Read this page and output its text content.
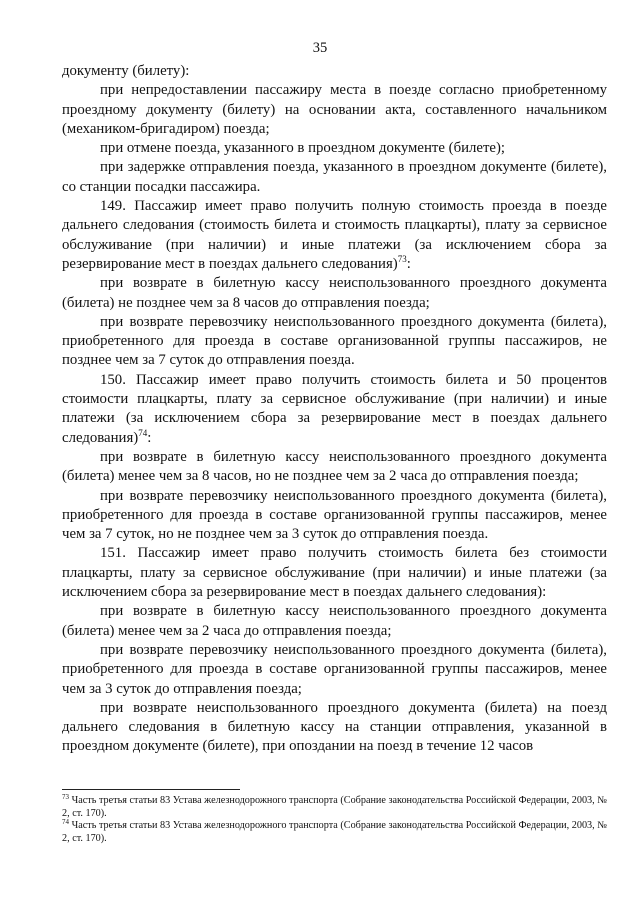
35

документу (билету):

при непредоставлении пассажиру места в поезде согласно приобретенному проездному документу (билету) на основании акта, составленного начальником (механиком-бригадиром) поезда;

при отмене поезда, указанного в проездном документе (билете);

при задержке отправления поезда, указанного в проездном документе (билете), со станции посадки пассажира.

149. Пассажир имеет право получить полную стоимость проезда в поезде дальнего следования (стоимость билета и стоимость плацкарты), плату за сервисное обслуживание (при наличии) и иные платежи (за исключением сбора за резервирование мест в поездах дальнего следования)$^{73}$:

при возврате в билетную кассу неиспользованного проездного документа (билета) не позднее чем за 8 часов до отправления поезда;

при возврате перевозчику неиспользованного проездного документа (билета), приобретенного для проезда в составе организованной группы пассажиров, не позднее чем за 7 суток до отправления поезда.

150. Пассажир имеет право получить стоимость билета и 50 процентов стоимости плацкарты, плату за сервисное обслуживание (при наличии) и иные платежи (за исключением сбора за резервирование мест в поездах дальнего следования)$^{74}$:

при возврате в билетную кассу неиспользованного проездного документа (билета) менее чем за 8 часов, но не позднее чем за 2 часа до отправления поезда;

при возврате перевозчику неиспользованного проездного документа (билета), приобретенного для проезда в составе организованной группы пассажиров, менее чем за 7 суток, но не позднее чем за 3 суток до отправления поезда.

151. Пассажир имеет право получить стоимость билета без стоимости плацкарты, плату за сервисное обслуживание (при наличии) и иные платежи (за исключением сбора за резервирование мест в поездах дальнего следования):

при возврате в билетную кассу неиспользованного проездного документа (билета) менее чем за 2 часа до отправления поезда;

при возврате перевозчику неиспользованного проездного документа (билета), приобретенного для проезда в составе организованной группы пассажиров, менее чем за 3 суток до отправления поезда;

при возврате неиспользованного проездного документа (билета) на поезд дальнего следования в билетную кассу на станции отправления, указанной в проездном документе (билете), при опоздании на поезд в течение 12 часов

$^{73}$ Часть третья статьи 83 Устава железнодорожного транспорта (Собрание законодательства Российской Федерации, 2003, № 2, ст. 170).

$^{74}$ Часть третья статьи 83 Устава железнодорожного транспорта (Собрание законодательства Российской Федерации, 2003, № 2, ст. 170).
